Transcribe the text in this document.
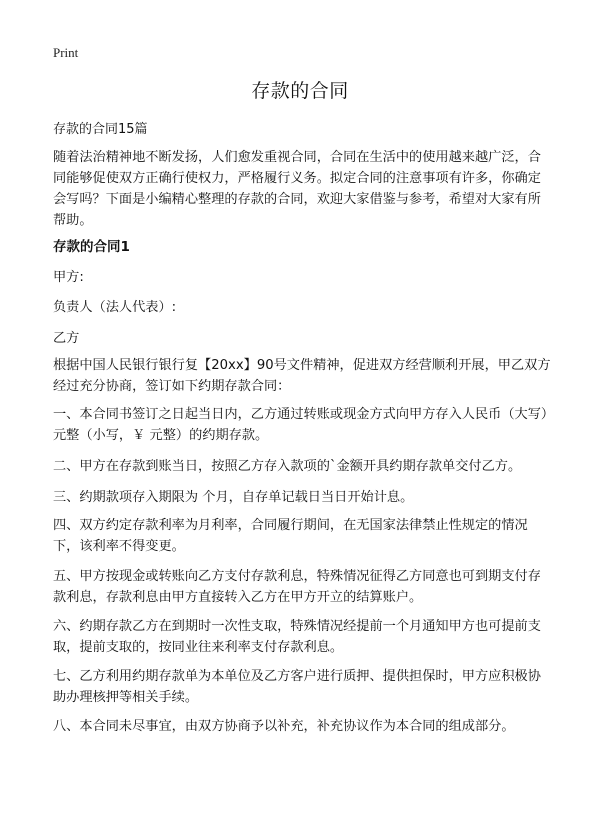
Print
存款的合同
存款的合同15篇

随着法治精神地不断发扬，人们愈发重视合同，合同在生活中的使用越来越广泛，合同能够促使双方正确行使权力，严格履行义务。拟定合同的注意事项有许多，你确定会写吗？下面是小编精心整理的存款的合同，欢迎大家借鉴与参考，希望对大家有所帮助。

存款的合同1
甲方:
负责人（法人代表）:
乙方

根据中国人民银行银行复【20xx】90号文件精神，促进双方经营顺利开展，甲乙双方经过充分协商，签订如下约期存款合同：

一、本合同书签订之日起当日内，乙方通过转账或现金方式向甲方存入人民币（大写）元整（小写，￥ 元整）的约期存款。

二、甲方在存款到账当日，按照乙方存入款项的`金额开具约期存款单交付乙方。

三、约期款项存入期限为 个月，自存单记载日当日开始计息。

四、双方约定存款利率为月利率，合同履行期间，在无国家法律禁止性规定的情况下，该利率不得变更。

五、甲方按现金或转账向乙方支付存款利息，特殊情况征得乙方同意也可到期支付存款利息，存款利息由甲方直接转入乙方在甲方开立的结算账户。

六、约期存款乙方在到期时一次性支取，特殊情况经提前一个月通知甲方也可提前支取，提前支取的，按同业往来利率支付存款利息。

七、乙方利用约期存款单为本单位及乙方客户进行质押、提供担保时，甲方应积极协助办理核押等相关手续。

八、本合同未尽事宜，由双方协商予以补充，补充协议作为本合同的组成部分。
